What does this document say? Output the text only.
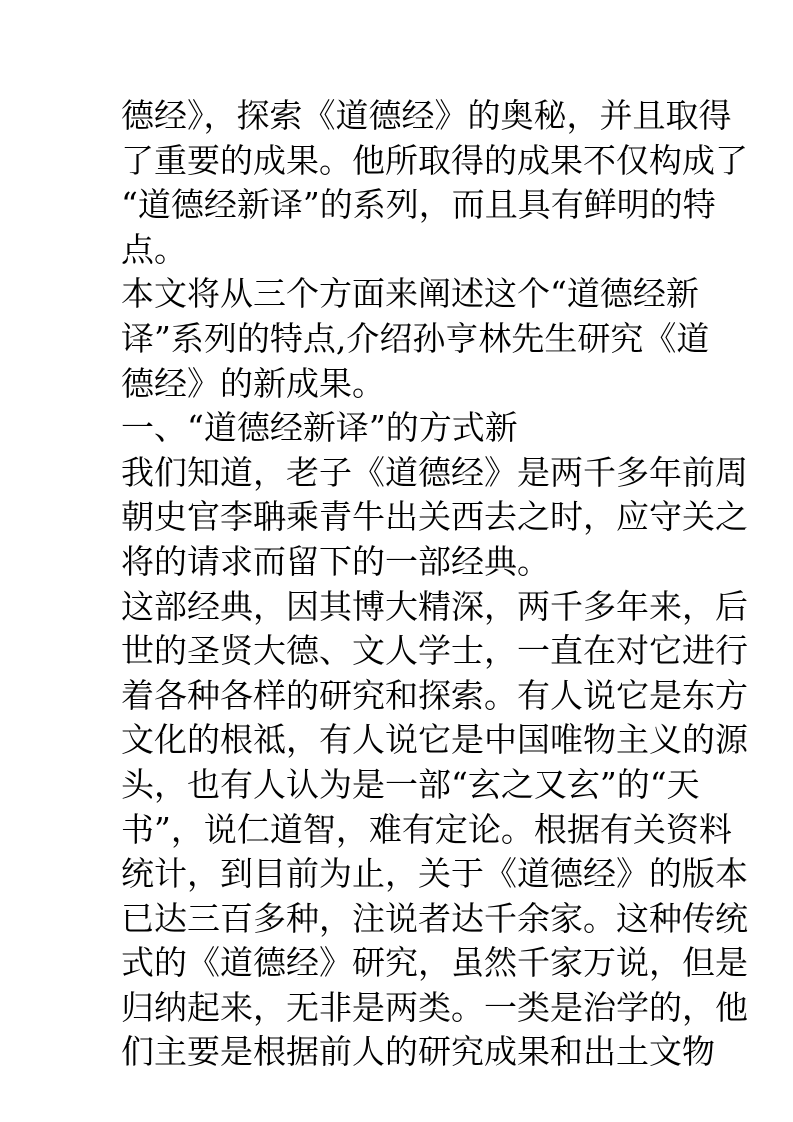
德经》，探索《道德经》的奥秘，并且取得
了重要的成果。他所取得的成果不仅构成了
“道德经新译”的系列，而且具有鲜明的特
点。
本文将从三个方面来阐述这个“道德经新
译”系列的特点,介绍孙亨林先生研究《道
德经》的新成果。
一、“道德经新译”的方式新
我们知道，老子《道德经》是两千多年前周
朝史官李聃乘青牛出关西去之时，应守关之
将的请求而留下的一部经典。
这部经典，因其博大精深，两千多年来，后
世的圣贤大德、文人学士，一直在对它进行
着各种各样的研究和探索。有人说它是东方
文化的根祗，有人说它是中国唯物主义的源
头，也有人认为是一部“玄之又玄”的“天
书”，说仁道智，难有定论。根据有关资料
统计，到目前为止，关于《道德经》的版本
已达三百多种，注说者达千余家。这种传统
式的《道德经》研究，虽然千家万说，但是
归纳起来，无非是两类。一类是治学的，他
们主要是根据前人的研究成果和出土文物
